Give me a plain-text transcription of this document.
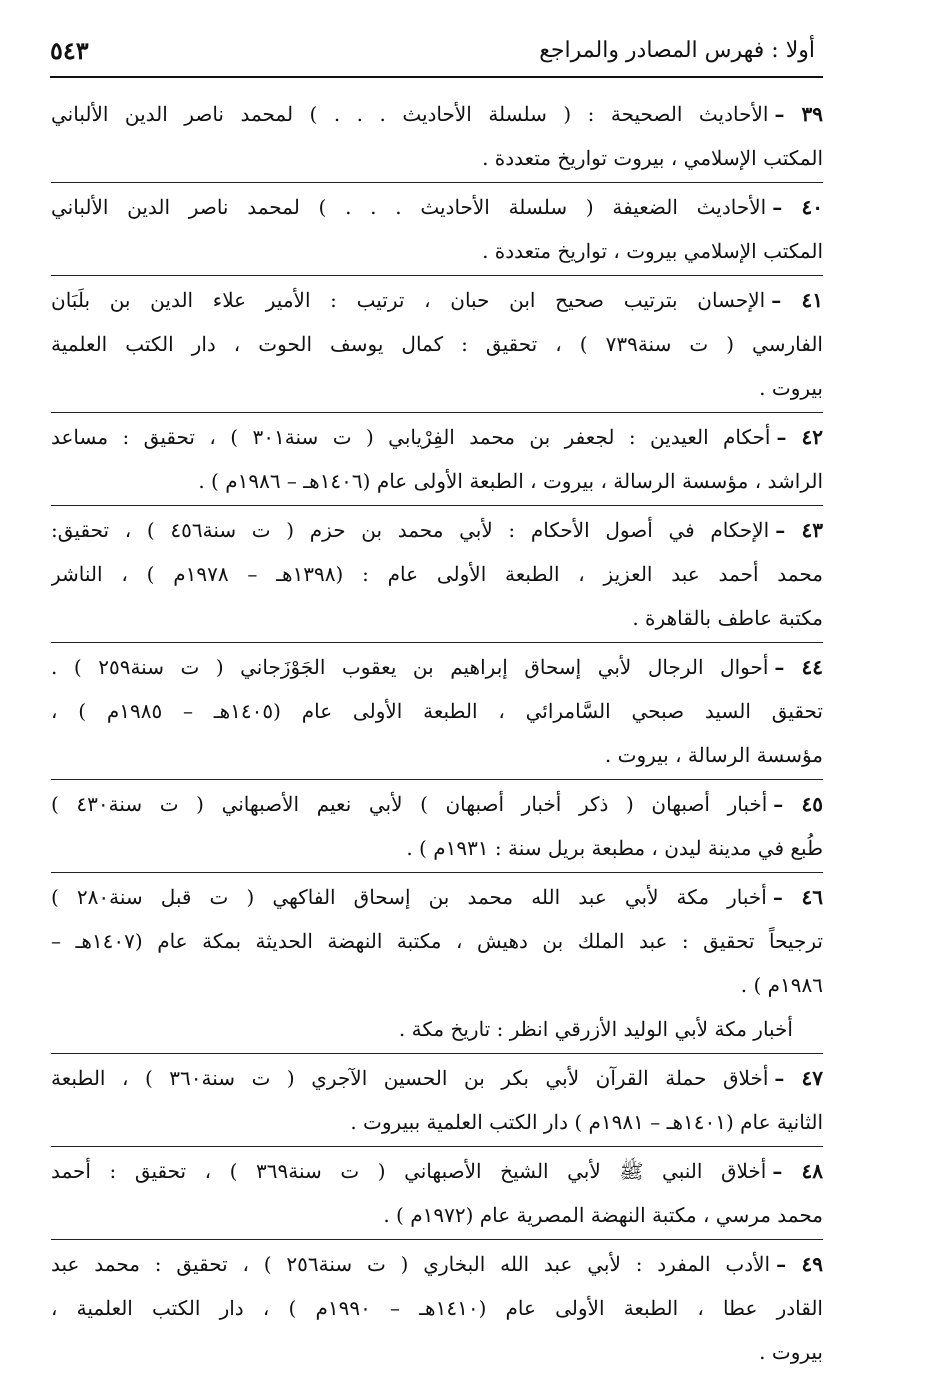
أولا : فهرس المصادر والمراجع
٥٤٣
٣٩ –الأحاديث الصحيحة : ( سلسلة الأحاديث . . . ) لمحمد ناصر الدين الألباني
المكتب الإسلامي ، بيروت تواريخ متعددة .
٤٠ –الأحاديث الضعيفة ( سلسلة الأحاديث . . . ) لمحمد ناصر الدين الألباني
المكتب الإسلامي بيروت ، تواريخ متعددة .
٤١ –الإحسان بترتيب صحيح ابن حبان ، ترتيب : الأمير علاء الدين بن بلَبَان
الفارسي ( ت سنة٧٣٩ ) ، تحقيق : كمال يوسف الحوت ، دار الكتب العلمية
بيروت .
٤٢ –أحكام العيدين : لجعفر بن محمد الفِرْيابي ( ت سنة٣٠١ ) ، تحقيق : مساعد
الراشد ، مؤسسة الرسالة ، بيروت ، الطبعة الأولى عام (١٤٠٦هـ – ١٩٨٦م ) .
٤٣ –الإحكام في أصول الأحكام : لأبي محمد بن حزم ( ت سنة٤٥٦ ) ، تحقيق:
محمد أحمد عبد العزيز ، الطبعة الأولى عام : (١٣٩٨هـ – ١٩٧٨م ) ، الناشر
مكتبة عاطف بالقاهرة .
٤٤ –أحوال الرجال لأبي إسحاق إبراهيم بن يعقوب الجَوْزَجاني ( ت سنة٢٥٩ ) .
تحقيق السيد صبحي السَّامرائي ، الطبعة الأولى عام (١٤٠٥هـ – ١٩٨٥م ) ،
مؤسسة الرسالة ، بيروت .
٤٥ –أخبار أصبهان ( ذكر أخبار أصبهان ) لأبي نعيم الأصبهاني ( ت سنة٤٣٠ )
طُبع في مدينة ليدن ، مطبعة بريل سنة : ١٩٣١م ) .
٤٦ –أخبار مكة لأبي عبد الله محمد بن إسحاق الفاكهي ( ت قبل سنة٢٨٠ )
ترجيحاً تحقيق : عبد الملك بن دهيش ، مكتبة النهضة الحديثة بمكة عام (١٤٠٧هـ –
١٩٨٦م ) .
أخبار مكة لأبي الوليد الأزرقي انظر : تاريخ مكة .
٤٧ –أخلاق حملة القرآن لأبي بكر بن الحسين الآجري ( ت سنة٣٦٠ ) ، الطبعة
الثانية عام (١٤٠١هـ – ١٩٨١م ) دار الكتب العلمية ببيروت .
٤٨ –أخلاق النبي ﷺ لأبي الشيخ الأصبهاني ( ت سنة٣٦٩ ) ، تحقيق : أحمد
محمد مرسي ، مكتبة النهضة المصرية عام (١٩٧٢م ) .
٤٩ –الأدب المفرد : لأبي عبد الله البخاري ( ت سنة٢٥٦ ) ، تحقيق : محمد عبد
القادر عطا ، الطبعة الأولى عام (١٤١٠هـ – ١٩٩٠م ) ، دار الكتب العلمية ،
بيروت .
